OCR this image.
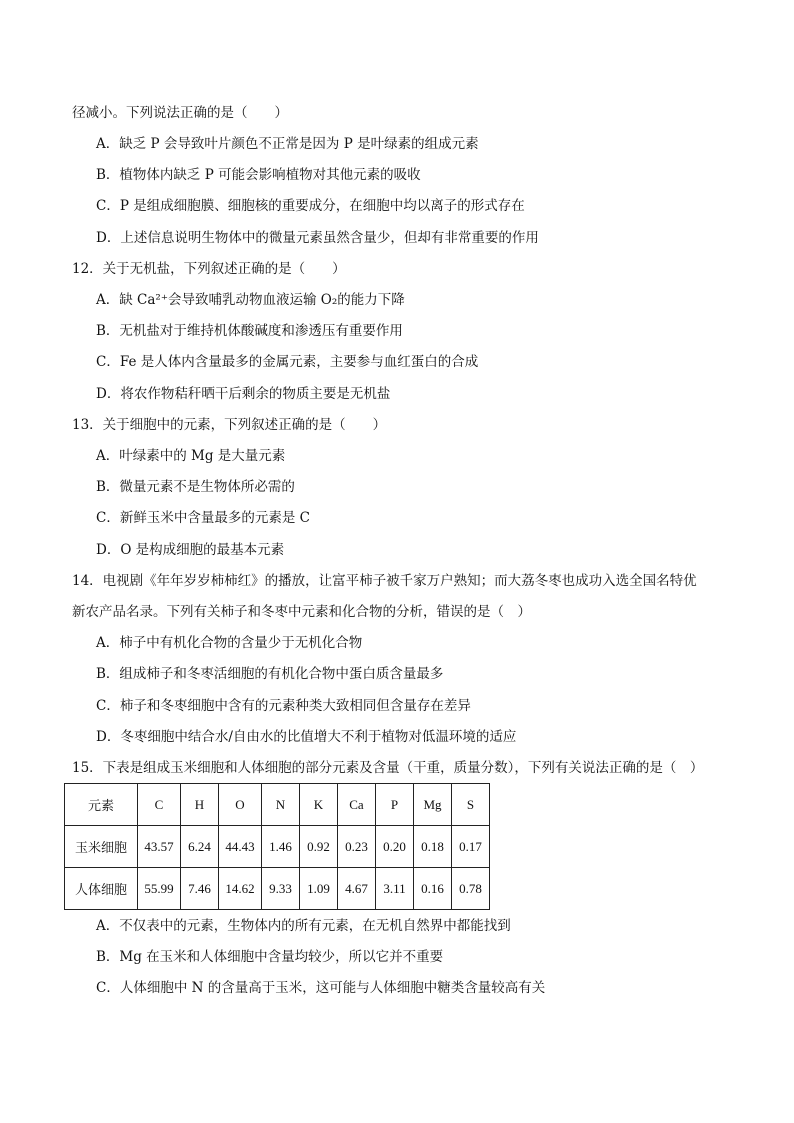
径减小。下列说法正确的是（　　）
A．缺乏 P 会导致叶片颜色不正常是因为 P 是叶绿素的组成元素
B．植物体内缺乏 P 可能会影响植物对其他元素的吸收
C．P 是组成细胞膜、细胞核的重要成分，在细胞中均以离子的形式存在
D．上述信息说明生物体中的微量元素虽然含量少，但却有非常重要的作用
12．关于无机盐，下列叙述正确的是（　　）
A．缺 Ca²⁺会导致哺乳动物血液运输 O₂的能力下降
B．无机盐对于维持机体酸碱度和渗透压有重要作用
C．Fe 是人体内含量最多的金属元素，主要参与血红蛋白的合成
D．将农作物秸秆晒干后剩余的物质主要是无机盐
13．关于细胞中的元素，下列叙述正确的是（　　）
A．叶绿素中的 Mg 是大量元素
B．微量元素不是生物体所必需的
C．新鲜玉米中含量最多的元素是 C
D．O 是构成细胞的最基本元素
14．电视剧《年年岁岁柿柿红》的播放，让富平柿子被千家万户熟知；而大荔冬枣也成功入选全国名特优
新农产品名录。下列有关柿子和冬枣中元素和化合物的分析，错误的是（　）
A．柿子中有机化合物的含量少于无机化合物
B．组成柿子和冬枣活细胞的有机化合物中蛋白质含量最多
C．柿子和冬枣细胞中含有的元素种类大致相同但含量存在差异
D．冬枣细胞中结合水/自由水的比值增大不利于植物对低温环境的适应
15．下表是组成玉米细胞和人体细胞的部分元素及含量（干重，质量分数），下列有关说法正确的是（　）
元素	C	H	O	N	K	Ca	P	Mg	S
玉米细胞	43.57	6.24	44.43	1.46	0.92	0.23	0.20	0.18	0.17
人体细胞	55.99	7.46	14.62	9.33	1.09	4.67	3.11	0.16	0.78
A．不仅表中的元素，生物体内的所有元素，在无机自然界中都能找到
B．Mg 在玉米和人体细胞中含量均较少，所以它并不重要
C．人体细胞中 N 的含量高于玉米，这可能与人体细胞中糖类含量较高有关
